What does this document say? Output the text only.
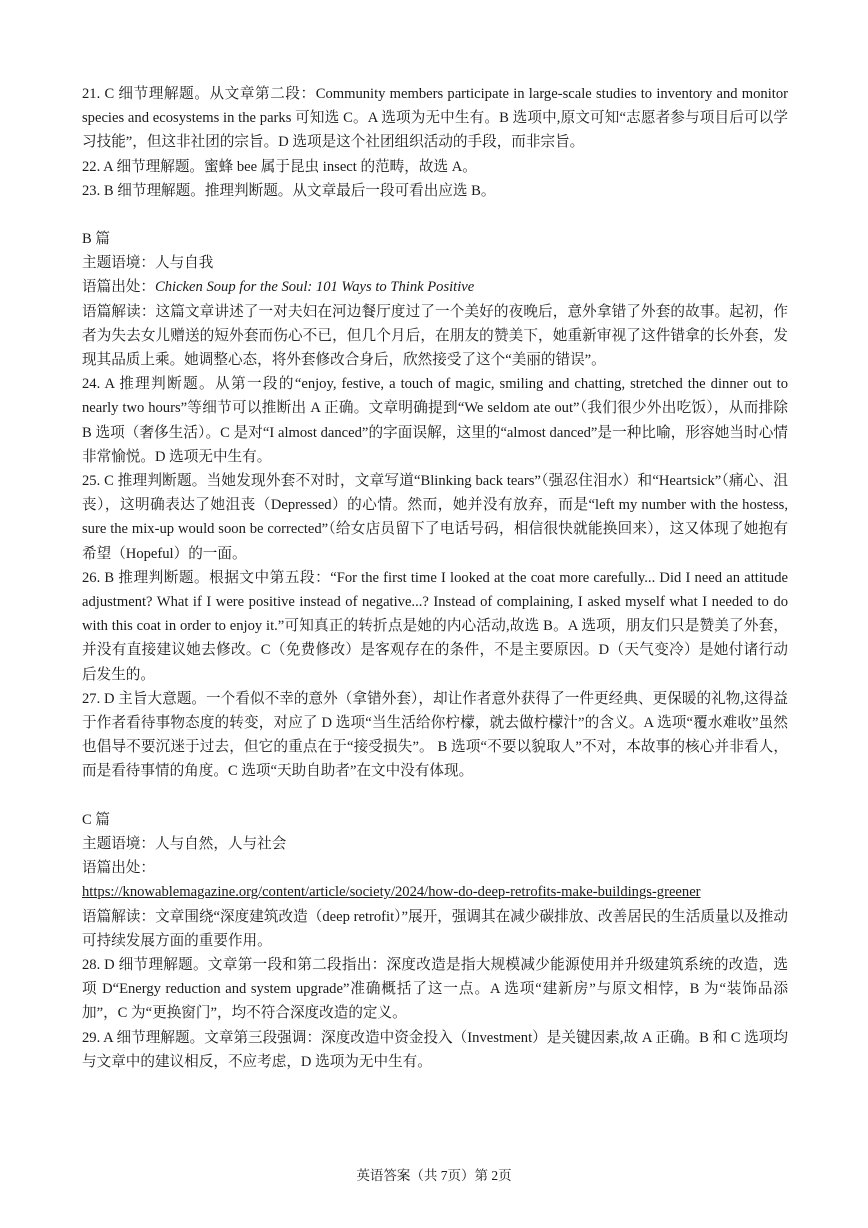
21. C 细节理解题。从文章第二段：Community members participate in large-scale studies to inventory and monitor species and ecosystems in the parks 可知选 C。A 选项为无中生有。B 选项中,原文可知“志愿者参与项目后可以学习技能”，但这非社团的宗旨。D 选项是这个社团组织活动的手段，而非宗旨。

22. A 细节理解题。蜜蜂 bee 属于昆虫 insect 的范畴，故选 A。

23. B 细节理解题。推理判断题。从文章最后一段可看出应选 B。

B 篇

主题语境：人与自我

语篇出处：Chicken Soup for the Soul: 101 Ways to Think Positive

语篇解读：这篇文章讲述了一对夫妇在河边餐厅度过了一个美好的夜晚后，意外拿错了外套的故事。起初，作者为失去女儿赠送的短外套而伤心不已，但几个月后，在朋友的赞美下，她重新审视了这件错拿的长外套，发现其品质上乘。她调整心态，将外套修改合身后，欣然接受了这个“美丽的错误”。

24. A 推理判断题。从第一段的“enjoy, festive, a touch of magic, smiling and chatting, stretched the dinner out to nearly two hours”等细节可以推断出 A 正确。文章明确提到“We seldom ate out”（我们很少外出吃饭），从而排除 B 选项（奢侈生活）。C 是对“I almost danced”的字面误解，这里的“almost danced”是一种比喻，形容她当时心情非常愉悦。D 选项无中生有。

25. C 推理判断题。当她发现外套不对时，文章写道“Blinking back tears”（强忍住泪水）和“Heartsick”（痛心、沮丧），这明确表达了她沮丧（Depressed）的心情。然而，她并没有放弃，而是“left my number with the hostess, sure the mix-up would soon be corrected”（给女店员留下了电话号码，相信很快就能换回来），这又体现了她抱有希望（Hopeful）的一面。

26. B 推理判断题。根据文中第五段：“For the first time I looked at the coat more carefully... Did I need an attitude adjustment? What if I were positive instead of negative...? Instead of complaining, I asked myself what I needed to do with this coat in order to enjoy it.”可知真正的转折点是她的内心活动,故选 B。A 选项，朋友们只是赞美了外套，并没有直接建议她去修改。C（免费修改）是客观存在的条件，不是主要原因。D（天气变冷）是她付诸行动后发生的。

27. D 主旨大意题。一个看似不幸的意外（拿错外套），却让作者意外获得了一件更经典、更保暖的礼物,这得益于作者看待事物态度的转变，对应了 D 选项“当生活给你柠檬，就去做柠檬汁”的含义。A 选项“覆水难收”虽然也倡导不要沉迷于过去，但它的重点在于“接受损失”。 B 选项“不要以貌取人”不对，本故事的核心并非看人，而是看待事情的角度。C 选项“天助自助者”在文中没有体现。

C 篇

主题语境：人与自然，人与社会

语篇出处：

https://knowablemagazine.org/content/article/society/2024/how-do-deep-retrofits-make-buildings-greener

语篇解读：文章围绕“深度建筑改造（deep retrofit）”展开，强调其在减少碳排放、改善居民的生活质量以及推动可持续发展方面的重要作用。

28. D 细节理解题。文章第一段和第二段指出：深度改造是指大规模减少能源使用并升级建筑系统的改造，选项 D“Energy reduction and system upgrade”准确概括了这一点。A 选项“建新房”与原文相悖，B 为“装饰品添加”，C 为“更换窗门”，均不符合深度改造的定义。

29. A 细节理解题。文章第三段强调：深度改造中资金投入（Investment）是关键因素,故 A 正确。B 和 C 选项均与文章中的建议相反，不应考虑，D 选项为无中生有。

英语答案（共 7页）第 2页
